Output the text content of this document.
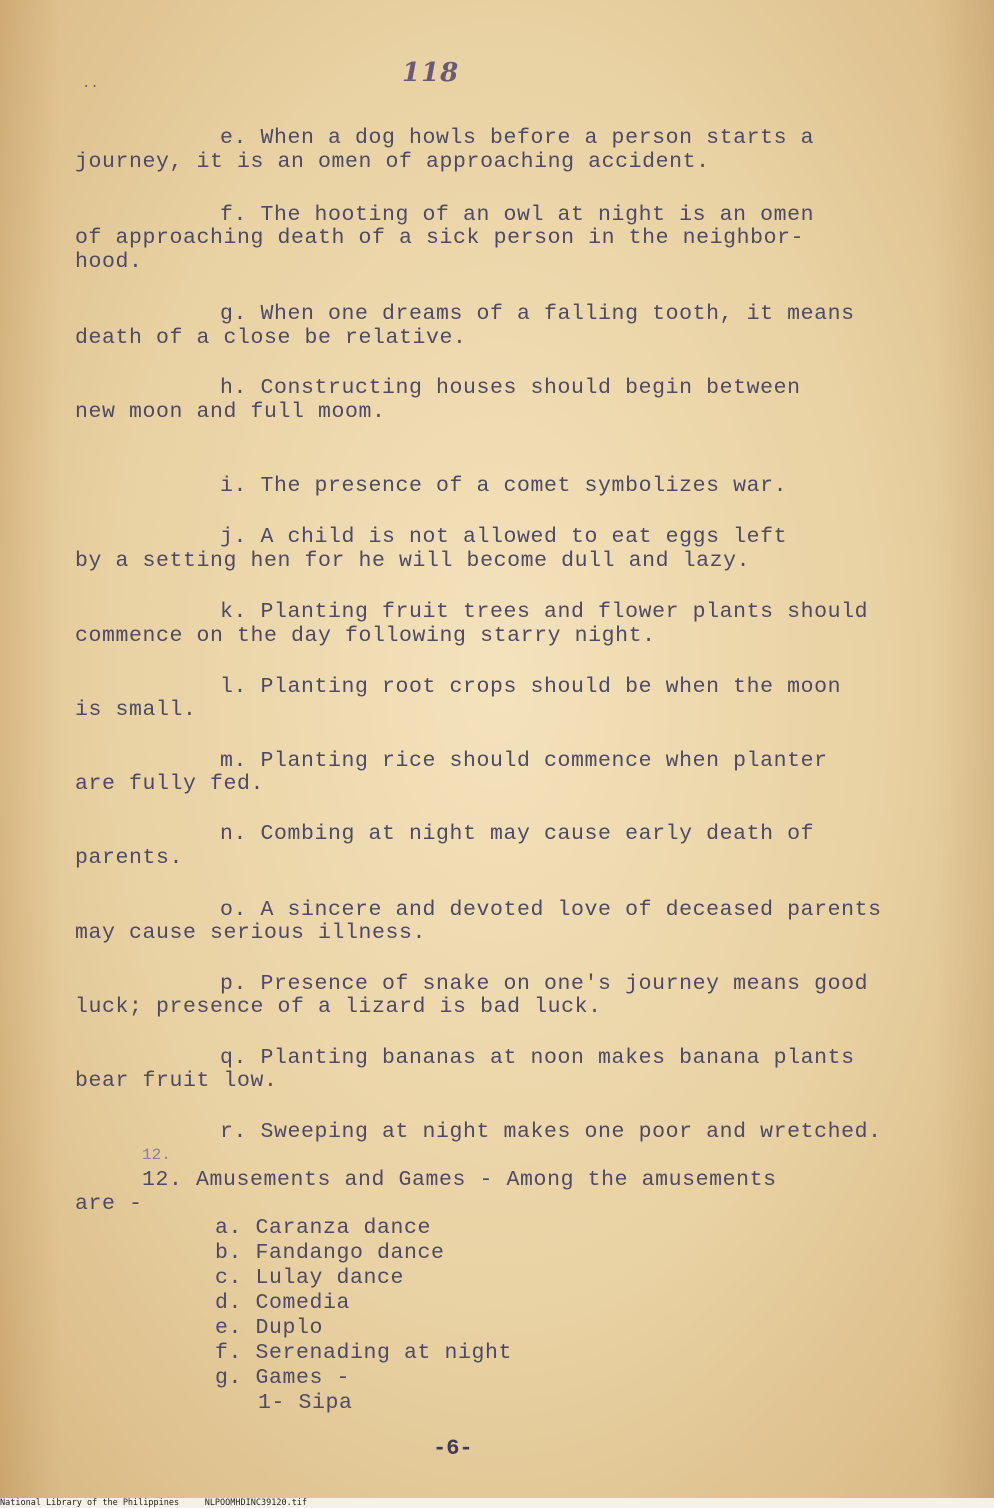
118
..
e. When a dog howls before a person starts a
journey, it is an omen of approaching accident.
f. The hooting of an owl at night is an omen
of approaching death of a sick person in the neighbor-
hood.
g. When one dreams of a falling tooth, it means
death of a close be relative.
h. Constructing houses should begin between
new moon and full moom.
i. The presence of a comet symbolizes war.
j. A child is not allowed to eat eggs left
by a setting hen for he will become dull and lazy.
k. Planting fruit trees and flower plants should
commence on the day following starry night.
l. Planting root crops should be when the moon
is small.
m. Planting rice should commence when planter
are fully fed.
n. Combing at night may cause early death of
parents.
o. A sincere and devoted love of deceased parents
may cause serious illness.
p. Presence of snake on one's journey means good
luck; presence of a lizard is bad luck.
q. Planting bananas at noon makes banana plants
bear fruit low.
r. Sweeping at night makes one poor and wretched.
12.
12. Amusements and Games - Among the amusements
are -
a. Caranza dance
b. Fandango dance
c. Lulay dance
d. Comedia
e. Duplo
f. Serenading at night
g. Games -
1- Sipa
-6-
National Library of the Philippines     NLPOOMHDINC39120.tif
